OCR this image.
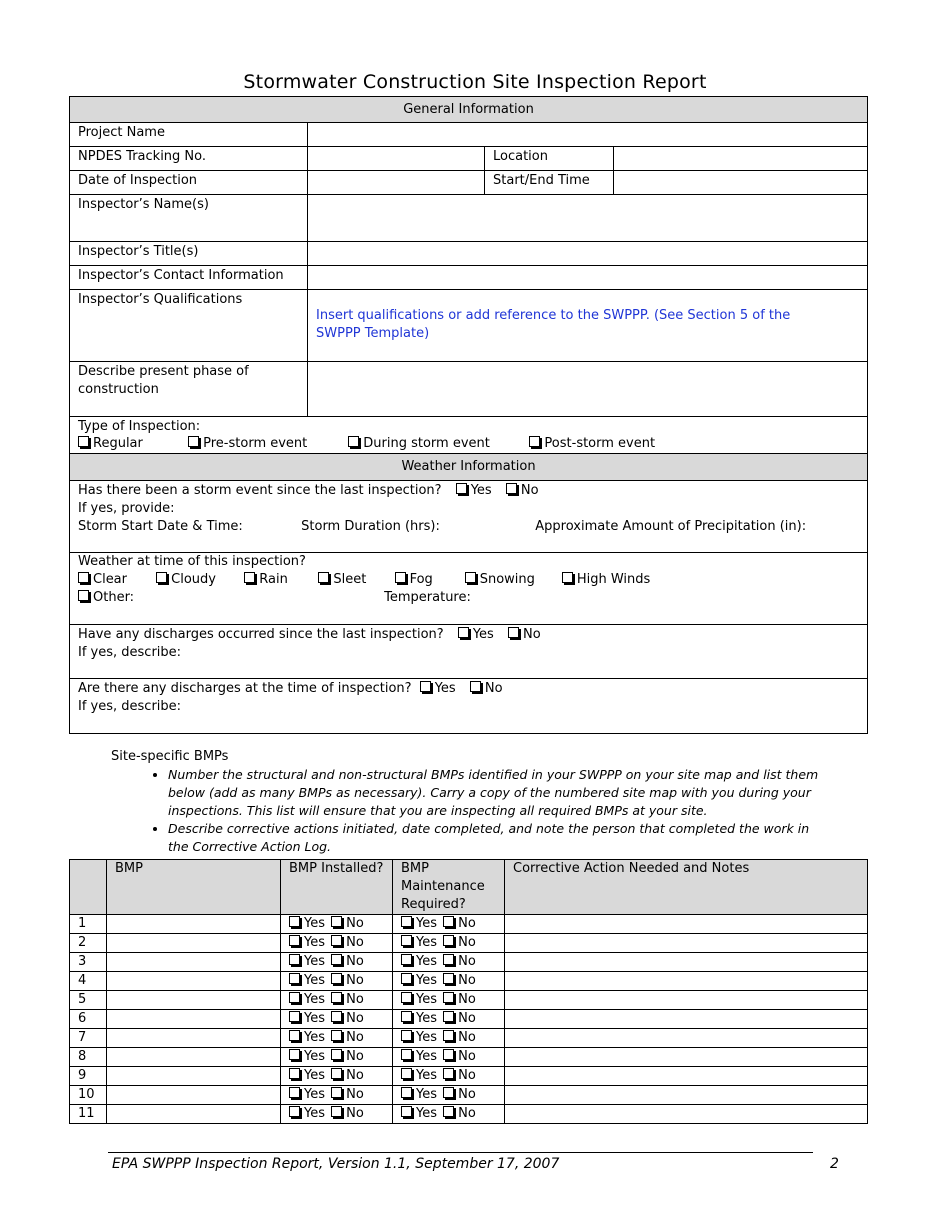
Stormwater Construction Site Inspection Report
General Information			
Project Name			
NPDES Tracking No.		Location	
Date of Inspection		Start/End Time	
Inspector’s Name(s)			
Inspector’s Title(s)			
Inspector’s Contact Information			
Inspector’s Qualifications	Insert qualifications or add reference to the SWPPP. (See Section 5 of the SWPPP Template)		
Describe present phase of construction			

Type of Inspection:
Regular Pre-storm event During storm event Post-storm event			

Weather Information			

Has there been a storm event since the last inspection? Yes No
If yes, provide:
Storm Start Date & Time: Storm Duration (hrs): Approximate Amount of Precipitation (in):			

Weather at time of this inspection?
Clear Cloudy Rain Sleet Fog Snowing High Winds
Other: Temperature:			

Have any discharges occurred since the last inspection? Yes No
If yes, describe:			

Are there any discharges at the time of inspection? Yes No
If yes, describe:			
Site-specific BMPs
• Number the structural and non-structural BMPs identified in your SWPPP on your site map and list them below (add as many BMPs as necessary). Carry a copy of the numbered site map with you during your inspections. This list will ensure that you are inspecting all required BMPs at your site.
• Describe corrective actions initiated, date completed, and note the person that completed the work in the Corrective Action Log.
	BMP	BMP Installed?	BMP Maintenance Required?	Corrective Action Needed and Notes
1		Yes No	Yes No	
2		Yes No	Yes No	
3		Yes No	Yes No	
4		Yes No	Yes No	
5		Yes No	Yes No	
6		Yes No	Yes No	
7		Yes No	Yes No	
8		Yes No	Yes No	
9		Yes No	Yes No	
10		Yes No	Yes No	
11		Yes No	Yes No	
EPA SWPPP Inspection Report, Version 1.1, September 17, 2007	2
